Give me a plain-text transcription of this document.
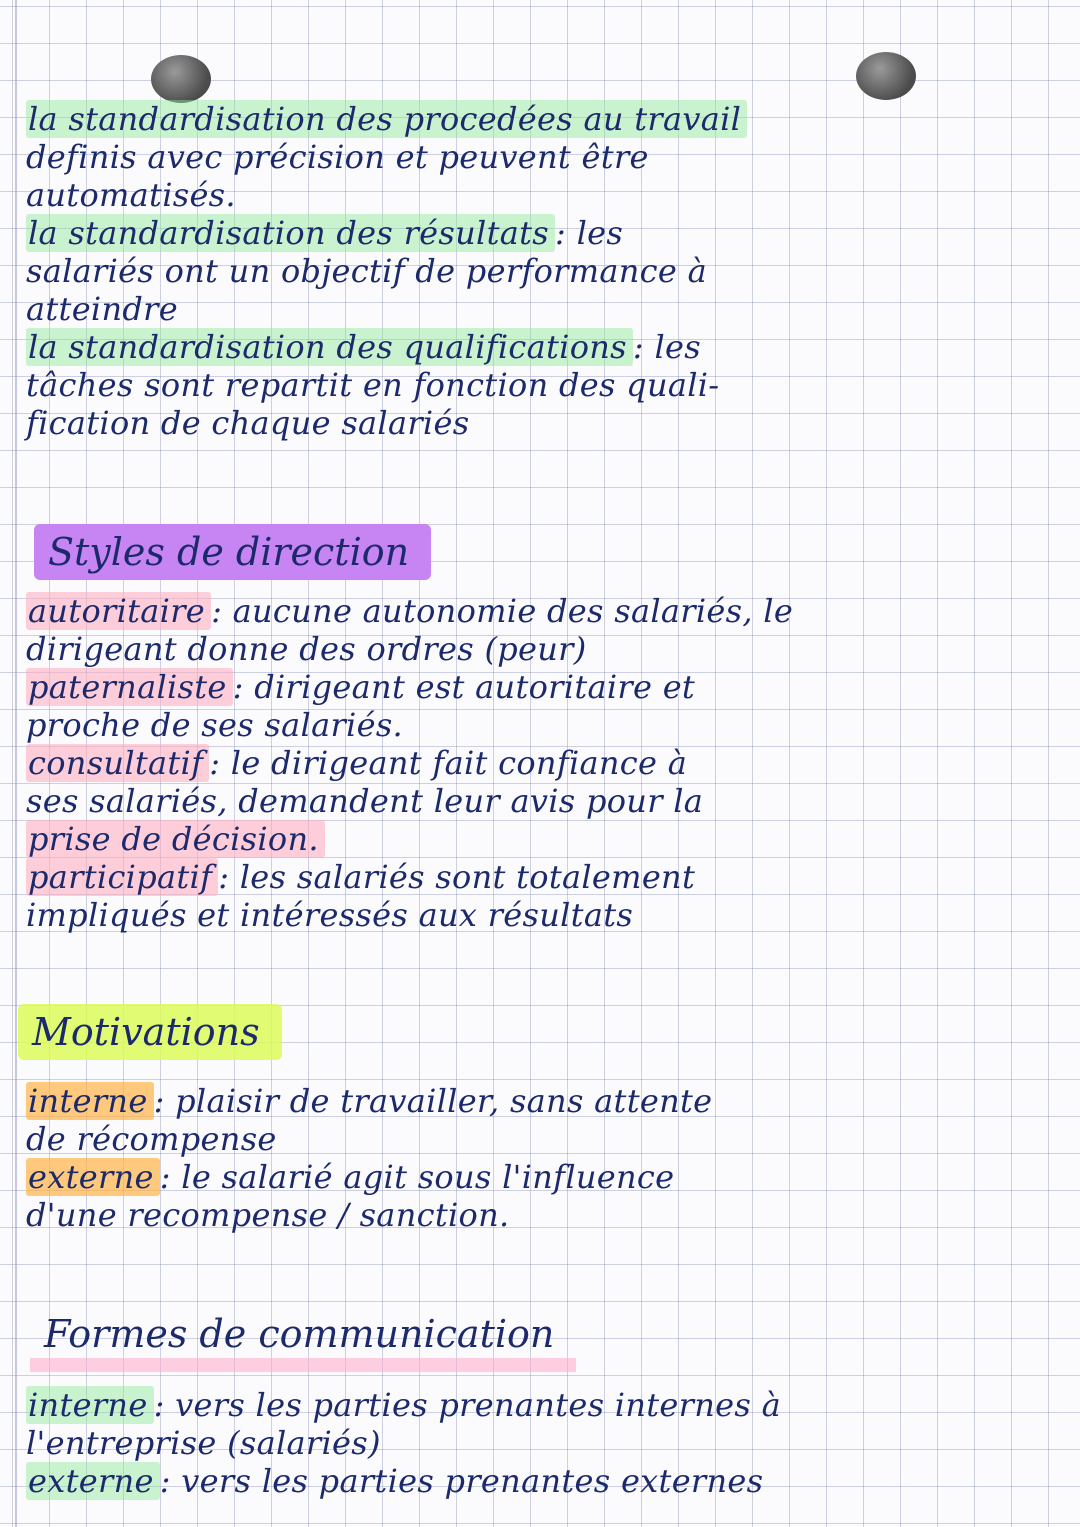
la standardisation des procedées au travail
definis avec précision et peuvent être
automatisés.
la standardisation des résultats : les
salariés ont un objectif de performance à
atteindre
la standardisation des qualifications : les
tâches sont repartit en fonction des quali-
fication de chaque salariés
Styles de direction
autoritaire : aucune autonomie des salariés, le
dirigeant donne des ordres (peur)
paternaliste : dirigeant est autoritaire et
proche de ses salariés.
consultatif : le dirigeant fait confiance à
ses salariés, demandent leur avis pour la
prise de décision.
participatif : les salariés sont totalement
impliqués et intéressés aux résultats
Motivations
interne : plaisir de travailler, sans attente
de récompense
externe : le salarié agit sous l'influence
d'une recompense / sanction.
Formes de communication
interne : vers les parties prenantes internes à
l'entreprise (salariés)
externe : vers les parties prenantes externes
